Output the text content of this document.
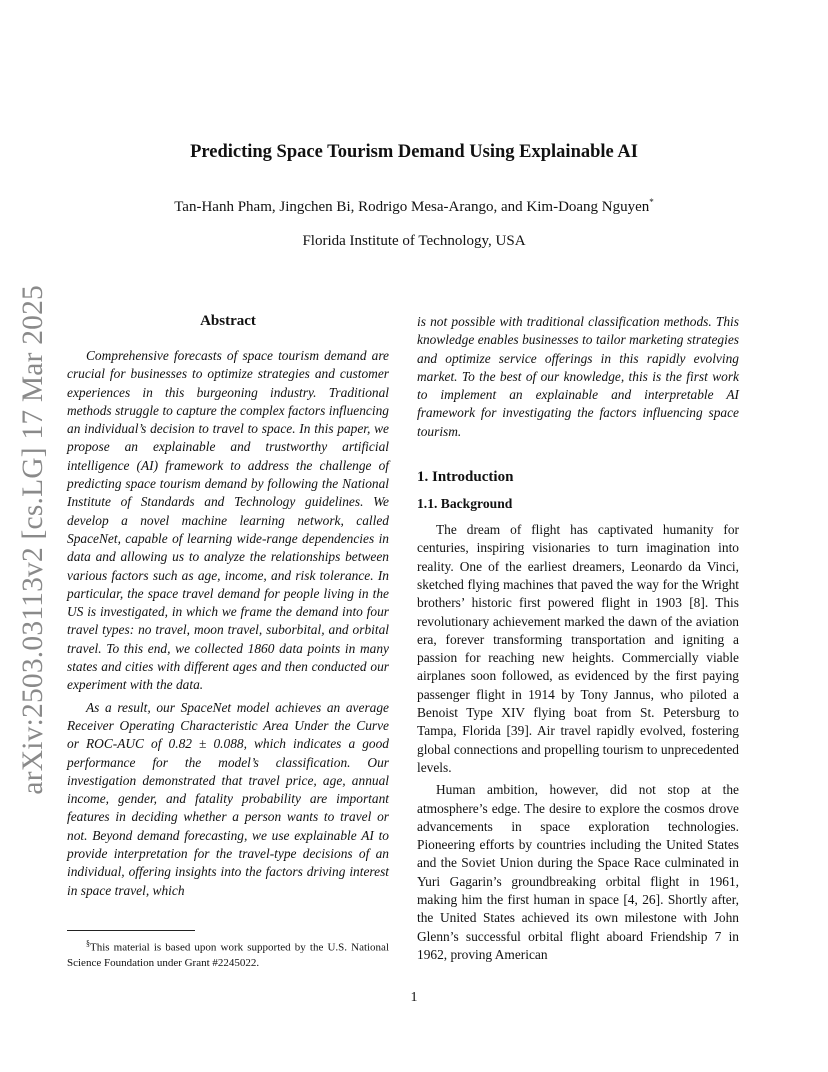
arXiv:2503.03113v2 [cs.LG] 17 Mar 2025
Predicting Space Tourism Demand Using Explainable AI
Tan-Hanh Pham, Jingchen Bi, Rodrigo Mesa-Arango, and Kim-Doang Nguyen*
Florida Institute of Technology, USA
Abstract

Comprehensive forecasts of space tourism demand are crucial for businesses to optimize strategies and customer experiences in this burgeoning industry. Traditional methods struggle to capture the complex factors influencing an individual’s decision to travel to space. In this paper, we propose an explainable and trustworthy artificial intelligence (AI) framework to address the challenge of predicting space tourism demand by following the National Institute of Standards and Technology guidelines. We develop a novel machine learning network, called SpaceNet, capable of learning wide-range dependencies in data and allowing us to analyze the relationships between various factors such as age, income, and risk tolerance. In particular, the space travel demand for people living in the US is investigated, in which we frame the demand into four travel types: no travel, moon travel, suborbital, and orbital travel. To this end, we collected 1860 data points in many states and cities with different ages and then conducted our experiment with the data.

As a result, our SpaceNet model achieves an average Receiver Operating Characteristic Area Under the Curve or ROC-AUC of 0.82 ± 0.088, which indicates a good performance for the model’s classification. Our investigation demonstrated that travel price, age, annual income, gender, and fatality probability are important features in deciding whether a person wants to travel or not. Beyond demand forecasting, we use explainable AI to provide interpretation for the travel-type decisions of an individual, offering insights into the factors driving interest in space travel, which

is not possible with traditional classification methods. This knowledge enables businesses to tailor marketing strategies and optimize service offerings in this rapidly evolving market. To the best of our knowledge, this is the first work to implement an explainable and interpretable AI framework for investigating the factors influencing space tourism.

1. Introduction
1.1. Background

The dream of flight has captivated humanity for centuries, inspiring visionaries to turn imagination into reality. One of the earliest dreamers, Leonardo da Vinci, sketched flying machines that paved the way for the Wright brothers’ historic first powered flight in 1903 [8]. This revolutionary achievement marked the dawn of the aviation era, forever transforming transportation and igniting a passion for reaching new heights. Commercially viable airplanes soon followed, as evidenced by the first paying passenger flight in 1914 by Tony Jannus, who piloted a Benoist Type XIV flying boat from St. Petersburg to Tampa, Florida [39]. Air travel rapidly evolved, fostering global connections and propelling tourism to unprecedented levels.

Human ambition, however, did not stop at the atmosphere’s edge. The desire to explore the cosmos drove advancements in space exploration technologies. Pioneering efforts by countries including the United States and the Soviet Union during the Space Race culminated in Yuri Gagarin’s groundbreaking orbital flight in 1961, making him the first human in space [4, 26]. Shortly after, the United States achieved its own milestone with John Glenn’s successful orbital flight aboard Friendship 7 in 1962, proving American

§This material is based upon work supported by the U.S. National Science Foundation under Grant #2245022.
1
